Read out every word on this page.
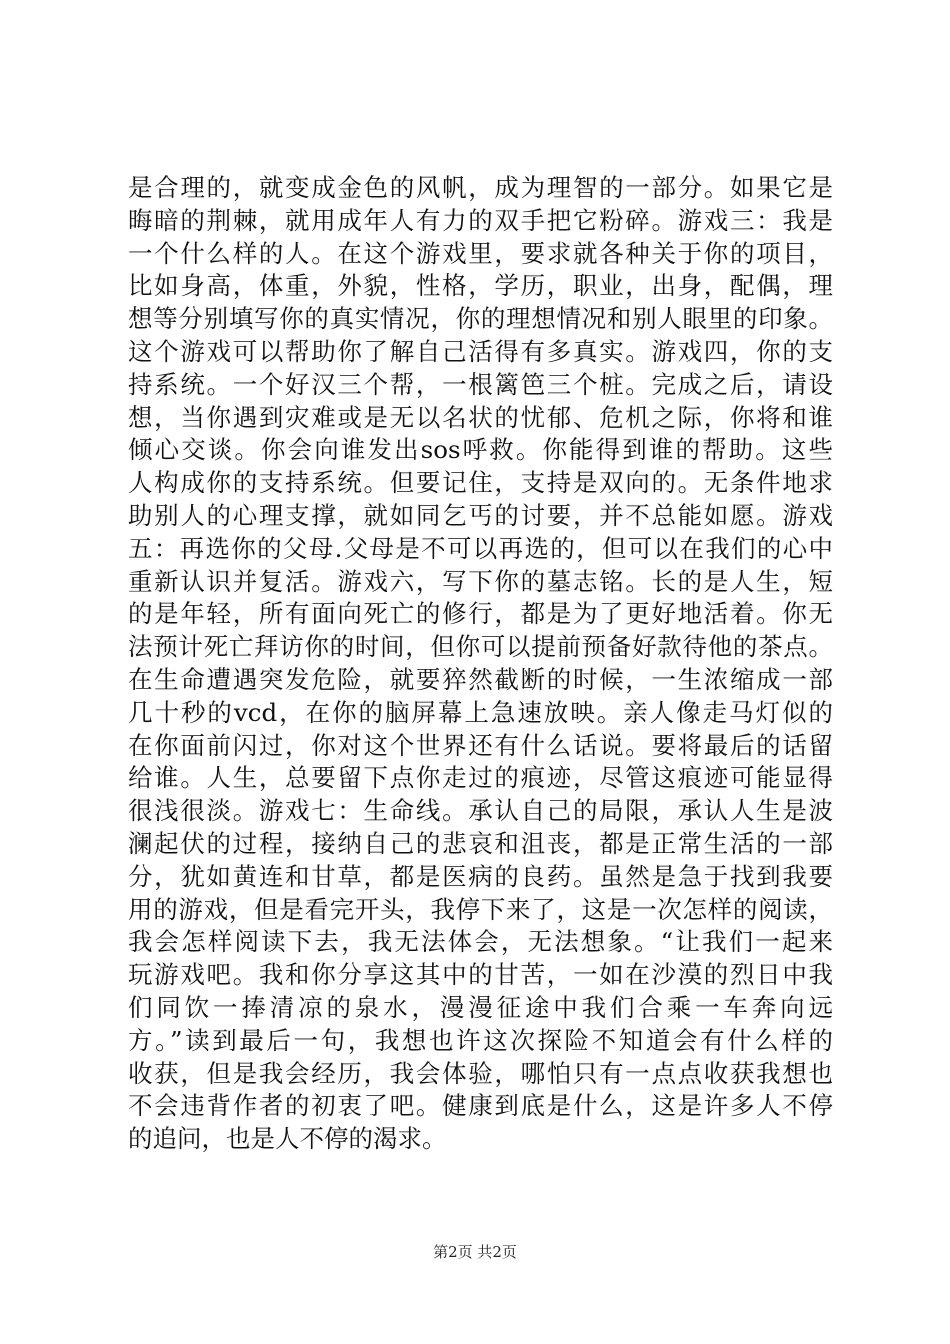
是合理的，就变成金色的风帆，成为理智的一部分。如果它是
晦暗的荆棘，就用成年人有力的双手把它粉碎。游戏三：我是
一个什么样的人。在这个游戏里，要求就各种关于你的项目，
比如身高，体重，外貌，性格，学历，职业，出身，配偶，理
想等分别填写你的真实情况，你的理想情况和别人眼里的印象。
这个游戏可以帮助你了解自己活得有多真实。游戏四，你的支
持系统。一个好汉三个帮，一根篱笆三个桩。完成之后，请设
想，当你遇到灾难或是无以名状的忧郁、危机之际，你将和谁
倾心交谈。你会向谁发出sos呼救。你能得到谁的帮助。这些
人构成你的支持系统。但要记住，支持是双向的。无条件地求
助别人的心理支撑，就如同乞丐的讨要，并不总能如愿。游戏
五：再选你的父母.父母是不可以再选的，但可以在我们的心中
重新认识并复活。游戏六，写下你的墓志铭。长的是人生，短
的是年轻，所有面向死亡的修行，都是为了更好地活着。你无
法预计死亡拜访你的时间，但你可以提前预备好款待他的茶点。
在生命遭遇突发危险，就要猝然截断的时候，一生浓缩成一部
几十秒的vcd，在你的脑屏幕上急速放映。亲人像走马灯似的
在你面前闪过，你对这个世界还有什么话说。要将最后的话留
给谁。人生，总要留下点你走过的痕迹，尽管这痕迹可能显得
很浅很淡。游戏七：生命线。承认自己的局限，承认人生是波
澜起伏的过程，接纳自己的悲哀和沮丧，都是正常生活的一部
分，犹如黄连和甘草，都是医病的良药。虽然是急于找到我要
用的游戏，但是看完开头，我停下来了，这是一次怎样的阅读，
我会怎样阅读下去，我无法体会，无法想象。“让我们一起来
玩游戏吧。我和你分享这其中的甘苦，一如在沙漠的烈日中我
们同饮一捧清凉的泉水，漫漫征途中我们合乘一车奔向远
方。”读到最后一句，我想也许这次探险不知道会有什么样的
收获，但是我会经历，我会体验，哪怕只有一点点收获我想也
不会违背作者的初衷了吧。健康到底是什么，这是许多人不停
的追问，也是人不停的渴求。
第2页 共2页
